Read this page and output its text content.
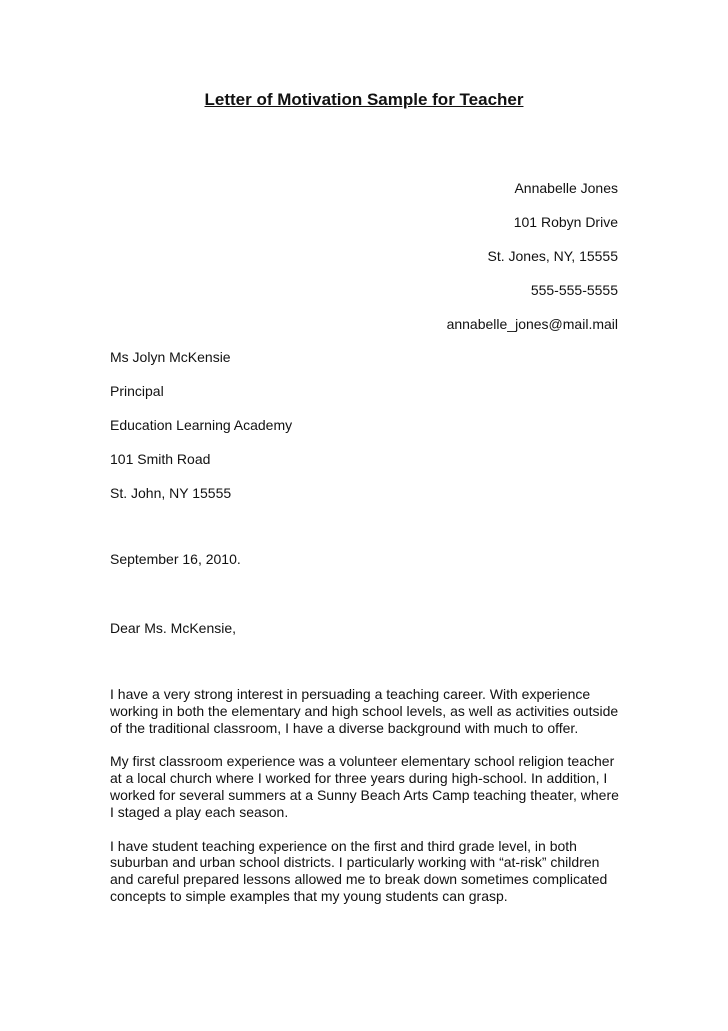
Letter of Motivation Sample for Teacher
Annabelle Jones
101 Robyn Drive
St. Jones, NY, 15555
555-555-5555
annabelle_jones@mail.mail
Ms Jolyn McKensie
Principal
Education Learning Academy
101 Smith Road
St. John, NY 15555
September 16, 2010.
Dear Ms. McKensie,

I have a very strong interest in persuading a teaching career. With experience working in both the elementary and high school levels, as well as activities outside of the traditional classroom, I have a diverse background with much to offer.

My first classroom experience was a volunteer elementary school religion teacher at a local church where I worked for three years during high-school. In addition, I worked for several summers at a Sunny Beach Arts Camp teaching theater, where I staged a play each season.

I have student teaching experience on the first and third grade level, in both suburban and urban school districts. I particularly working with “at-risk” children and careful prepared lessons allowed me to break down sometimes complicated concepts to simple examples that my young students can grasp.
